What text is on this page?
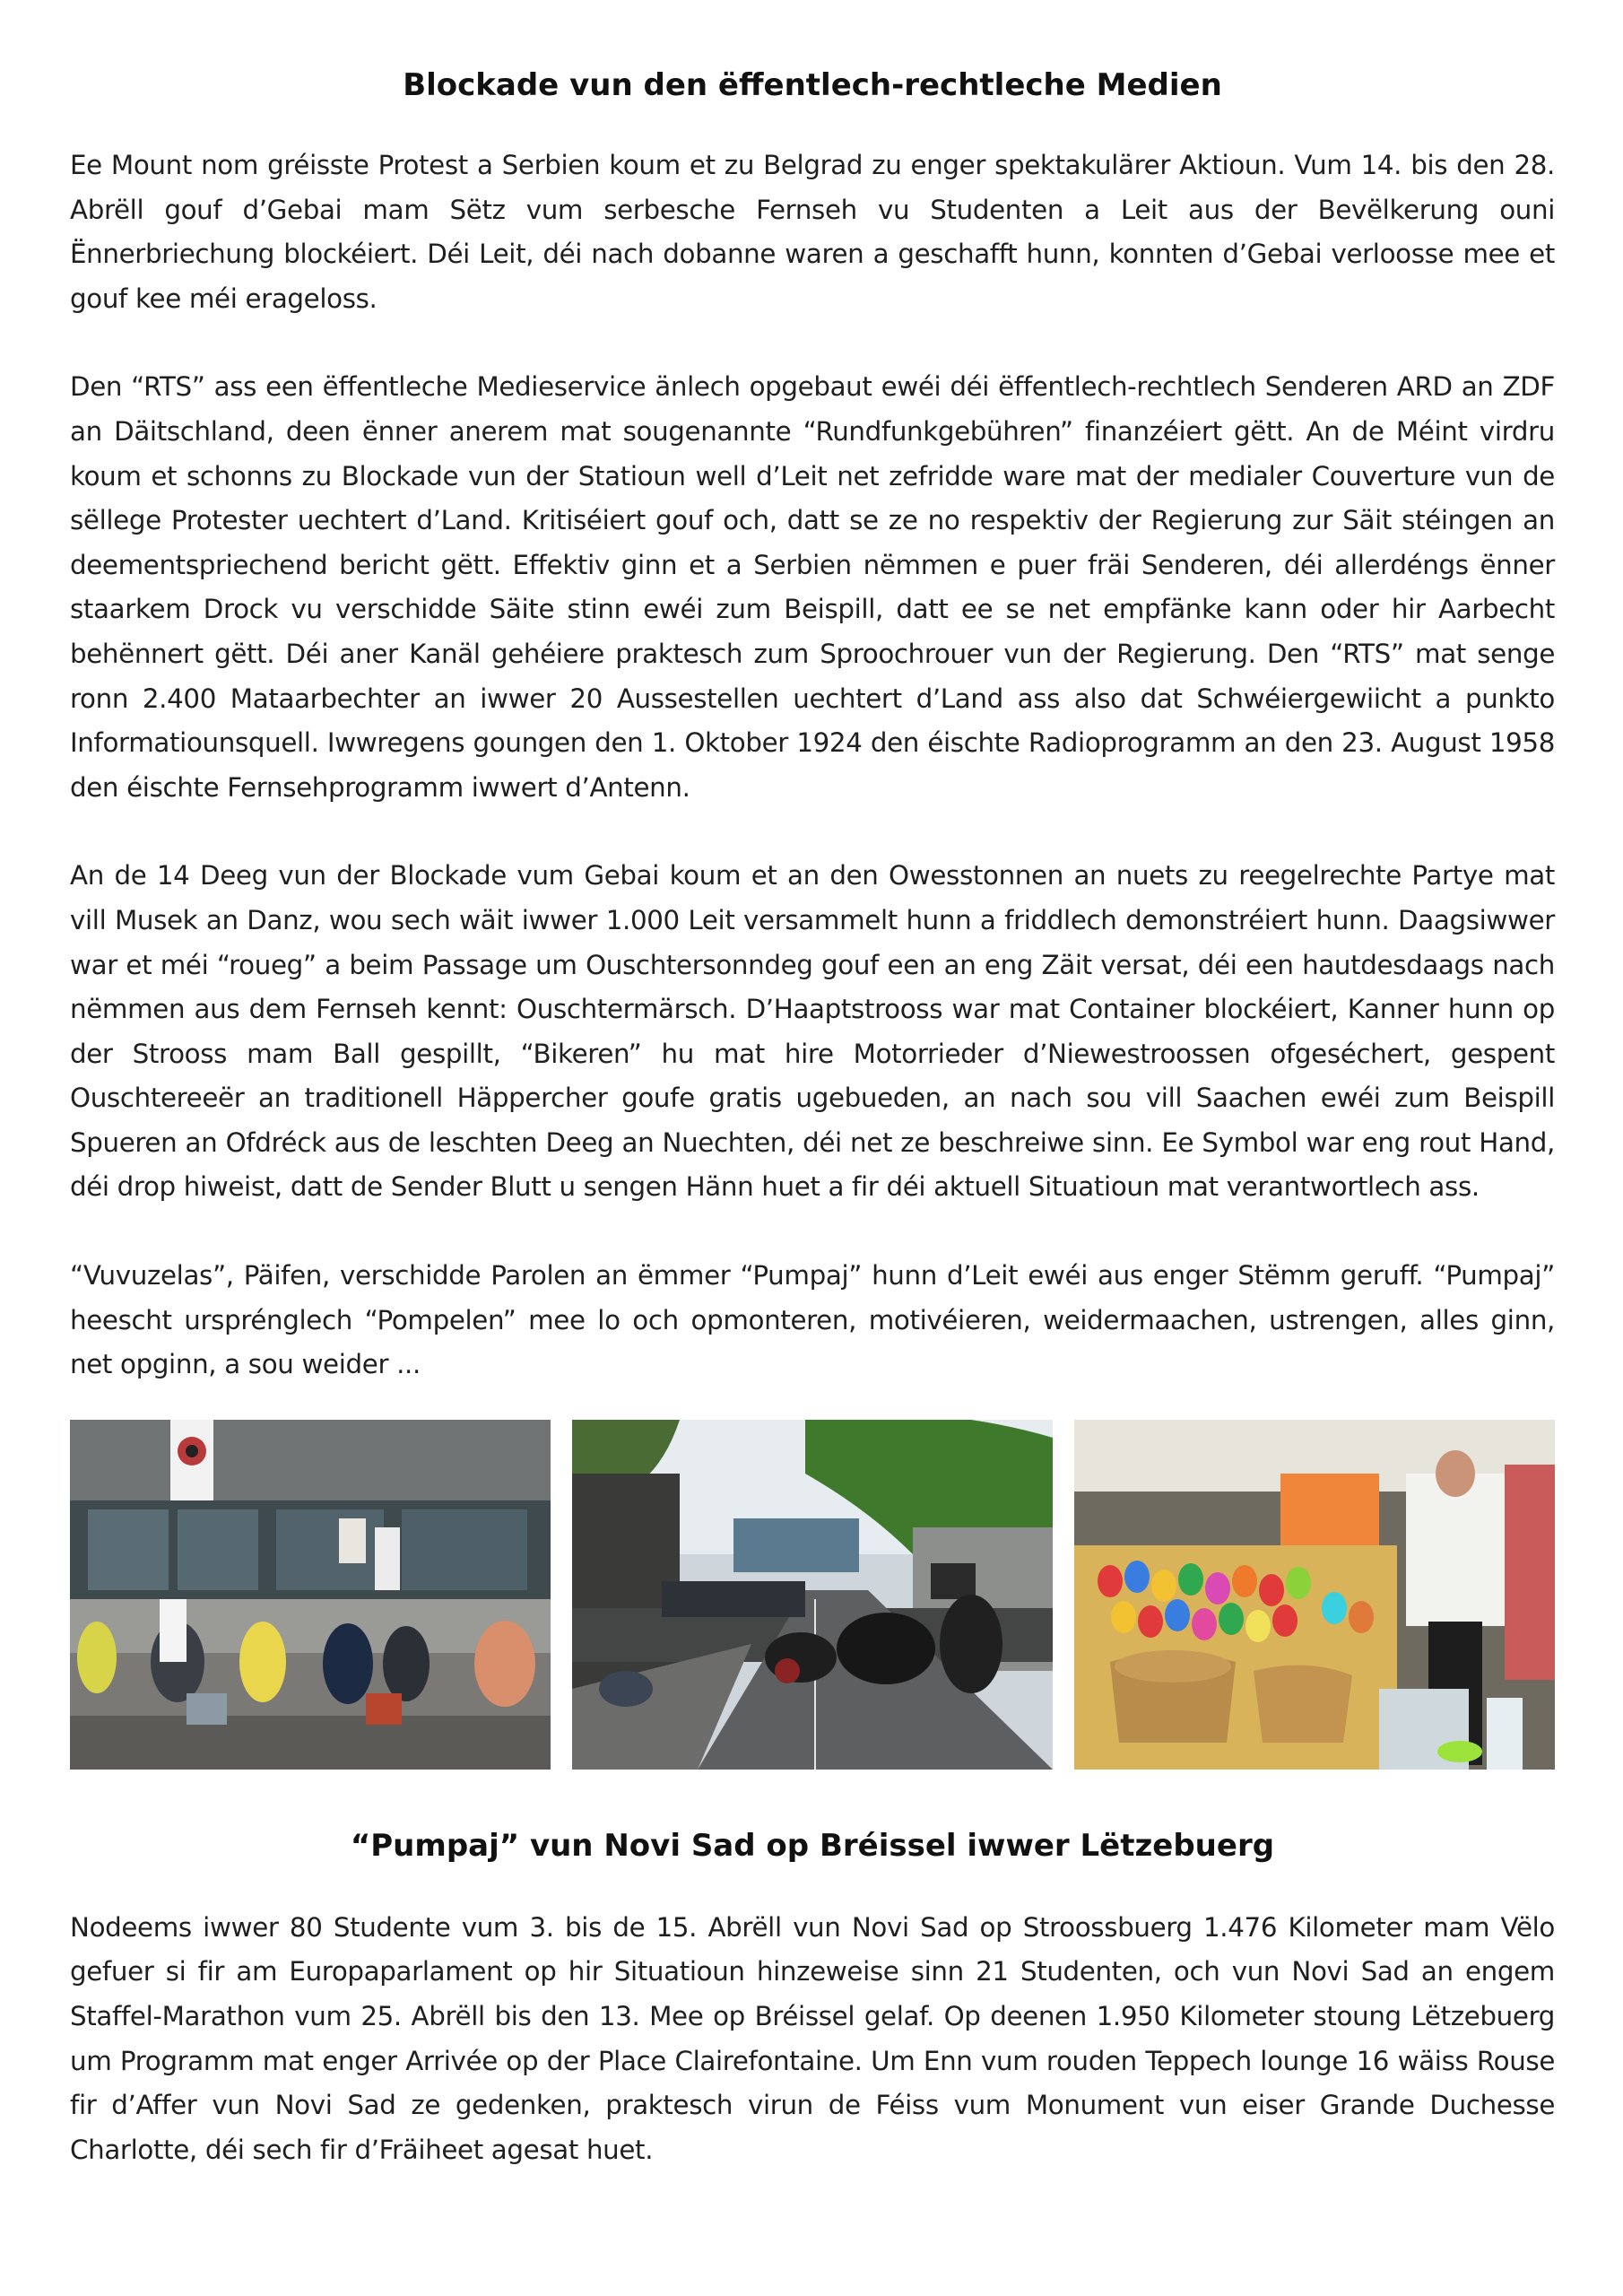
Blockade vun den ëffentlech-rechtleche Medien

Ee Mount nom gréisste Protest a Serbien koum et zu Belgrad zu enger spektakulärer Aktioun. Vum 14. bis den 28. Abrëll gouf d’Gebai mam Sëtz vum serbesche Fernseh vu Studenten a Leit aus der Bevëlkerung ouni Ënnerbriechung blockéiert. Déi Leit, déi nach dobanne waren a geschafft hunn, konnten d’Gebai verloosse mee et gouf kee méi erageloss.

Den “RTS” ass een ëffentleche Medieservice änlech opgebaut ewéi déi ëffentlech-rechtlech Senderen ARD an ZDF an Däitschland, deen ënner anerem mat sougenannte “Rundfunkgebühren” finanzéiert gëtt. An de Méint virdru koum et schonns zu Blockade vun der Statioun well d’Leit net zefridde ware mat der medialer Couverture vun de sëllege Protester uechtert d’Land. Kritiséiert gouf och, datt se ze no respektiv der Regierung zur Säit stéingen an deementspriechend bericht gëtt. Effektiv ginn et a Serbien nëmmen e puer fräi Senderen, déi allerdéngs ënner staarkem Drock vu verschidde Säite stinn ewéi zum Beispill, datt ee se net empfänke kann oder hir Aarbecht behënnert gëtt. Déi aner Kanäl gehéiere praktesch zum Sproochrouer vun der Regierung. Den “RTS” mat senge ronn 2.400 Mataarbechter an iwwer 20 Aussestellen uechtert d’Land ass also dat Schwéiergewiicht a punkto Informatiounsquell. Iwwregens goungen den 1. Oktober 1924 den éischte Radioprogramm an den 23. August 1958 den éischte Fernsehprogramm iwwert d’Antenn.

An de 14 Deeg vun der Blockade vum Gebai koum et an den Owesstonnen an nuets zu reegelrechte Partye mat vill Musek an Danz, wou sech wäit iwwer 1.000 Leit versammelt hunn a friddlech demonstréiert hunn. Daagsiwwer war et méi “roueg” a beim Passage um Ouschtersonndeg gouf een an eng Zäit versat, déi een hautdesdaags nach nëmmen aus dem Fernseh kennt: Ouschtermärsch. D’Haaptstrooss war mat Container blockéiert, Kanner hunn op der Strooss mam Ball gespillt, “Bikeren” hu mat hire Motorrieder d’Niewestroossen ofgeséchert, gespent Ouschtereeër an traditionell Häppercher goufe gratis ugebueden, an nach sou vill Saachen ewéi zum Beispill Spueren an Ofdréck aus de leschten Deeg an Nuechten, déi net ze beschreiwe sinn. Ee Symbol war eng rout Hand, déi drop hiweist, datt de Sender Blutt u sengen Hänn huet a fir déi aktuell Situatioun mat verantwortlech ass.

“Vuvuzelas”, Päifen, verschidde Parolen an ëmmer “Pumpaj” hunn d’Leit ewéi aus enger Stëmm geruff. “Pumpaj” heescht ursprénglech “Pompelen” mee lo och opmonteren, motivéieren, weidermaachen, ustrengen, alles ginn, net opginn, a sou weider ...

“Pumpaj” vun Novi Sad op Bréissel iwwer Lëtzebuerg

Nodeems iwwer 80 Studente vum 3. bis de 15. Abrëll vun Novi Sad op Stroossbuerg 1.476 Kilometer mam Vëlo gefuer si fir am Europaparlament op hir Situatioun hinzeweise sinn 21 Studenten, och vun Novi Sad an engem Staffel-Marathon vum 25. Abrëll bis den 13. Mee op Bréissel gelaf. Op deenen 1.950 Kilometer stoung Lëtzebuerg um Programm mat enger Arrivée op der Place Clairefontaine. Um Enn vum rouden Teppech lounge 16 wäiss Rouse fir d’Affer vun Novi Sad ze gedenken, praktesch virun de Féiss vum Monument vun eiser Grande Duchesse Charlotte, déi sech fir d’Fräiheet agesat huet.
